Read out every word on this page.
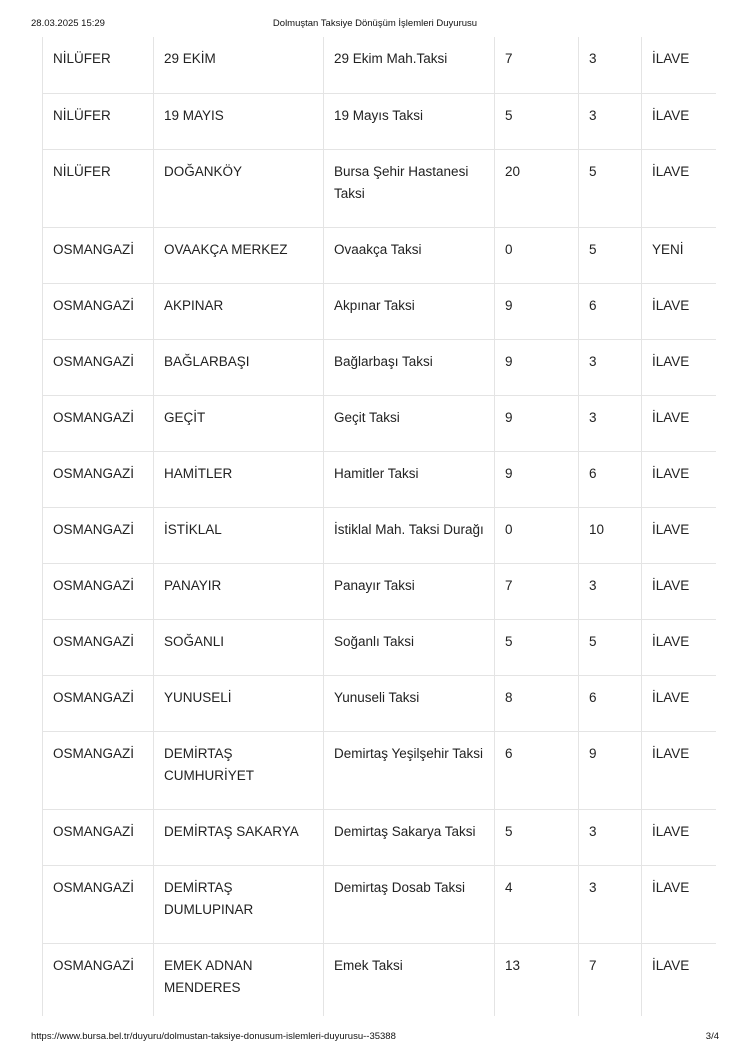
28.03.2025 15:29	Dolmuştan Taksiye Dönüşüm İşlemleri Duyurusu
NİLÜFER	29 EKİM	29 Ekim Mah.Taksi	7	3	İLAVE
NİLÜFER	19 MAYIS	19 Mayıs Taksi	5	3	İLAVE
NİLÜFER	DOĞANKÖY	Bursa Şehir Hastanesi Taksi	20	5	İLAVE
OSMANGAZİ	OVAAKÇA MERKEZ	Ovaakça Taksi	0	5	YENİ
OSMANGAZİ	AKPINAR	Akpınar Taksi	9	6	İLAVE
OSMANGAZİ	BAĞLARBAŞI	Bağlarbaşı Taksi	9	3	İLAVE
OSMANGAZİ	GEÇİT	Geçit Taksi	9	3	İLAVE
OSMANGAZİ	HAMİTLER	Hamitler Taksi	9	6	İLAVE
OSMANGAZİ	İSTİKLAL	İstiklal Mah. Taksi Durağı	0	10	İLAVE
OSMANGAZİ	PANAYIR	Panayır Taksi	7	3	İLAVE
OSMANGAZİ	SOĞANLI	Soğanlı Taksi	5	5	İLAVE
OSMANGAZİ	YUNUSELİ	Yunuseli Taksi	8	6	İLAVE
OSMANGAZİ	DEMİRTAŞ CUMHURİYET	Demirtaş Yeşilşehir Taksi	6	9	İLAVE
OSMANGAZİ	DEMİRTAŞ SAKARYA	Demirtaş Sakarya Taksi	5	3	İLAVE
OSMANGAZİ	DEMİRTAŞ DUMLUPINAR	Demirtaş Dosab Taksi	4	3	İLAVE
OSMANGAZİ	EMEK ADNAN MENDERES	Emek Taksi	13	7	İLAVE
https://www.bursa.bel.tr/duyuru/dolmustan-taksiye-donusum-islemleri-duyurusu--35388	3/4
